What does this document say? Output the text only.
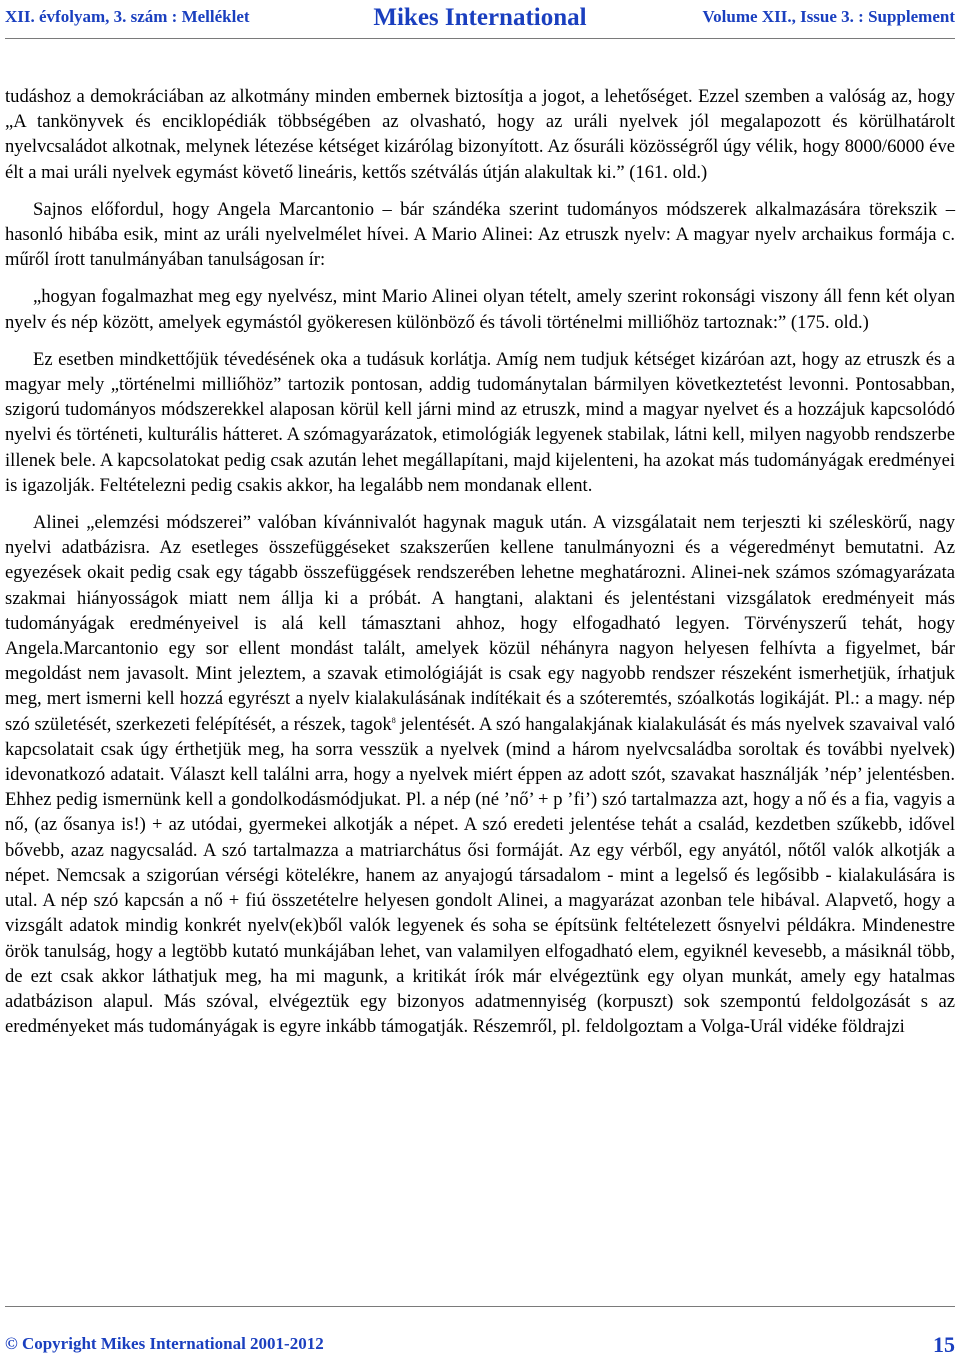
XII. évfolyam, 3. szám : Melléklet	Mikes International	Volume XII., Issue 3. : Supplement

tudáshoz a demokráciában az alkotmány minden embernek biztosítja a jogot, a lehetőséget. Ezzel szemben a valóság az, hogy „A tankönyvek és enciklopédiák többségében az olvasható, hogy az uráli nyelvek jól megalapozott és körülhatárolt nyelvcsaládot alkotnak, melynek létezése kétséget kizárólag bizonyított. Az ősuráli közösségről úgy vélik, hogy 8000/6000 éve élt a mai uráli nyelvek egymást követő lineáris, kettős szétválás útján alakultak ki.” (161. old.)

Sajnos előfordul, hogy Angela Marcantonio – bár szándéka szerint tudományos módszerek alkalmazására törekszik – hasonló hibába esik, mint az uráli nyelvelmélet hívei. A Mario Alinei: Az etruszk nyelv: A magyar nyelv archaikus formája c. műről írott tanulmányában tanulságosan ír:

„hogyan fogalmazhat meg egy nyelvész, mint Mario Alinei olyan tételt, amely szerint rokonsági viszony áll fenn két olyan nyelv és nép között, amelyek egymástól gyökeresen különböző és távoli történelmi milliőhöz tartoznak:” (175. old.)

Ez esetben mindkettőjük tévedésének oka a tudásuk korlátja. Amíg nem tudjuk kétséget kizáróan azt, hogy az etruszk és a magyar mely „történelmi milliőhöz” tartozik pontosan, addig tudománytalan bármilyen következtetést levonni. Pontosabban, szigorú tudományos módszerekkel alaposan körül kell járni mind az etruszk, mind a magyar nyelvet és a hozzájuk kapcsolódó nyelvi és történeti, kulturális hátteret. A szómagyarázatok, etimológiák legyenek stabilak, látni kell, milyen nagyobb rendszerbe illenek bele. A kapcsolatokat pedig csak azután lehet megállapítani, majd kijelenteni, ha azokat más tudományágak eredményei is igazolják. Feltételezni pedig csakis akkor, ha legalább nem mondanak ellent.

Alinei „elemzési módszerei” valóban kívánnivalót hagynak maguk után. A vizsgálatait nem terjeszti ki széleskörű, nagy nyelvi adatbázisra. Az esetleges összefüggéseket szakszerűen kellene tanulmányozni és a végeredményt bemutatni. Az egyezések okait pedig csak egy tágabb összefüggések rendszerében lehetne meghatározni. Alinei-nek számos szómagyarázata szakmai hiányosságok miatt nem állja ki a próbát. A hangtani, alaktani és jelentéstani vizsgálatok eredményeit más tudományágak eredményeivel is alá kell támasztani ahhoz, hogy elfogadható legyen. Törvényszerű tehát, hogy Angela.Marcantonio egy sor ellent mondást talált, amelyek közül néhányra nagyon helyesen felhívta a figyelmet, bár megoldást nem javasolt. Mint jeleztem, a szavak etimológiáját is csak egy nagyobb rendszer részeként ismerhetjük, írhatjuk meg, mert ismerni kell hozzá egyrészt a nyelv kialakulásának indítékait és a szóteremtés, szóalkotás logikáját. Pl.: a magy. nép szó születését, szerkezeti felépítését, a részek, tagok$^8$ jelentését. A szó hangalakjának kialakulását és más nyelvek szavaival való kapcsolatait csak úgy érthetjük meg, ha sorra vesszük a nyelvek (mind a három nyelvcsaládba soroltak és további nyelvek) idevonatkozó adatait. Választ kell találni arra, hogy a nyelvek miért éppen az adott szót, szavakat használják ’nép’ jelentésben. Ehhez pedig ismernünk kell a gondolkodásmódjukat. Pl. a nép (né ’nő’ + p ’fi’) szó tartalmazza azt, hogy a nő és a fia, vagyis a nő, (az ősanya is!) + az utódai, gyermekei alkotják a népet. A szó eredeti jelentése tehát a család, kezdetben szűkebb, idővel bővebb, azaz nagycsalád. A szó tartalmazza a matriarchátus ősi formáját. Az egy vérből, egy anyától, nőtől valók alkotják a népet. Nemcsak a szigorúan vérségi kötelékre, hanem az anyajogú társadalom - mint a legelső és legősibb - kialakulására is utal. A nép szó kapcsán a nő + fiú összetételre helyesen gondolt Alinei, a magyarázat azonban tele hibával. Alapvető, hogy a vizsgált adatok mindig konkrét nyelv(ek)ből valók legyenek és soha se építsünk feltételezett ősnyelvi példákra. Mindenestre örök tanulság, hogy a legtöbb kutató munkájában lehet, van valamilyen elfogadható elem, egyiknél kevesebb, a másiknál több, de ezt csak akkor láthatjuk meg, ha mi magunk, a kritikát írók már elvégeztünk egy olyan munkát, amely egy hatalmas adatbázison alapul. Más szóval, elvégeztük egy bizonyos adatmennyiség (korpuszt) sok szempontú feldolgozását s az eredményeket más tudományágak is egyre inkább támogatják. Részemről, pl. feldolgoztam a Volga-Urál vidéke földrajzi

© Copyright Mikes International 2001-2012	15
